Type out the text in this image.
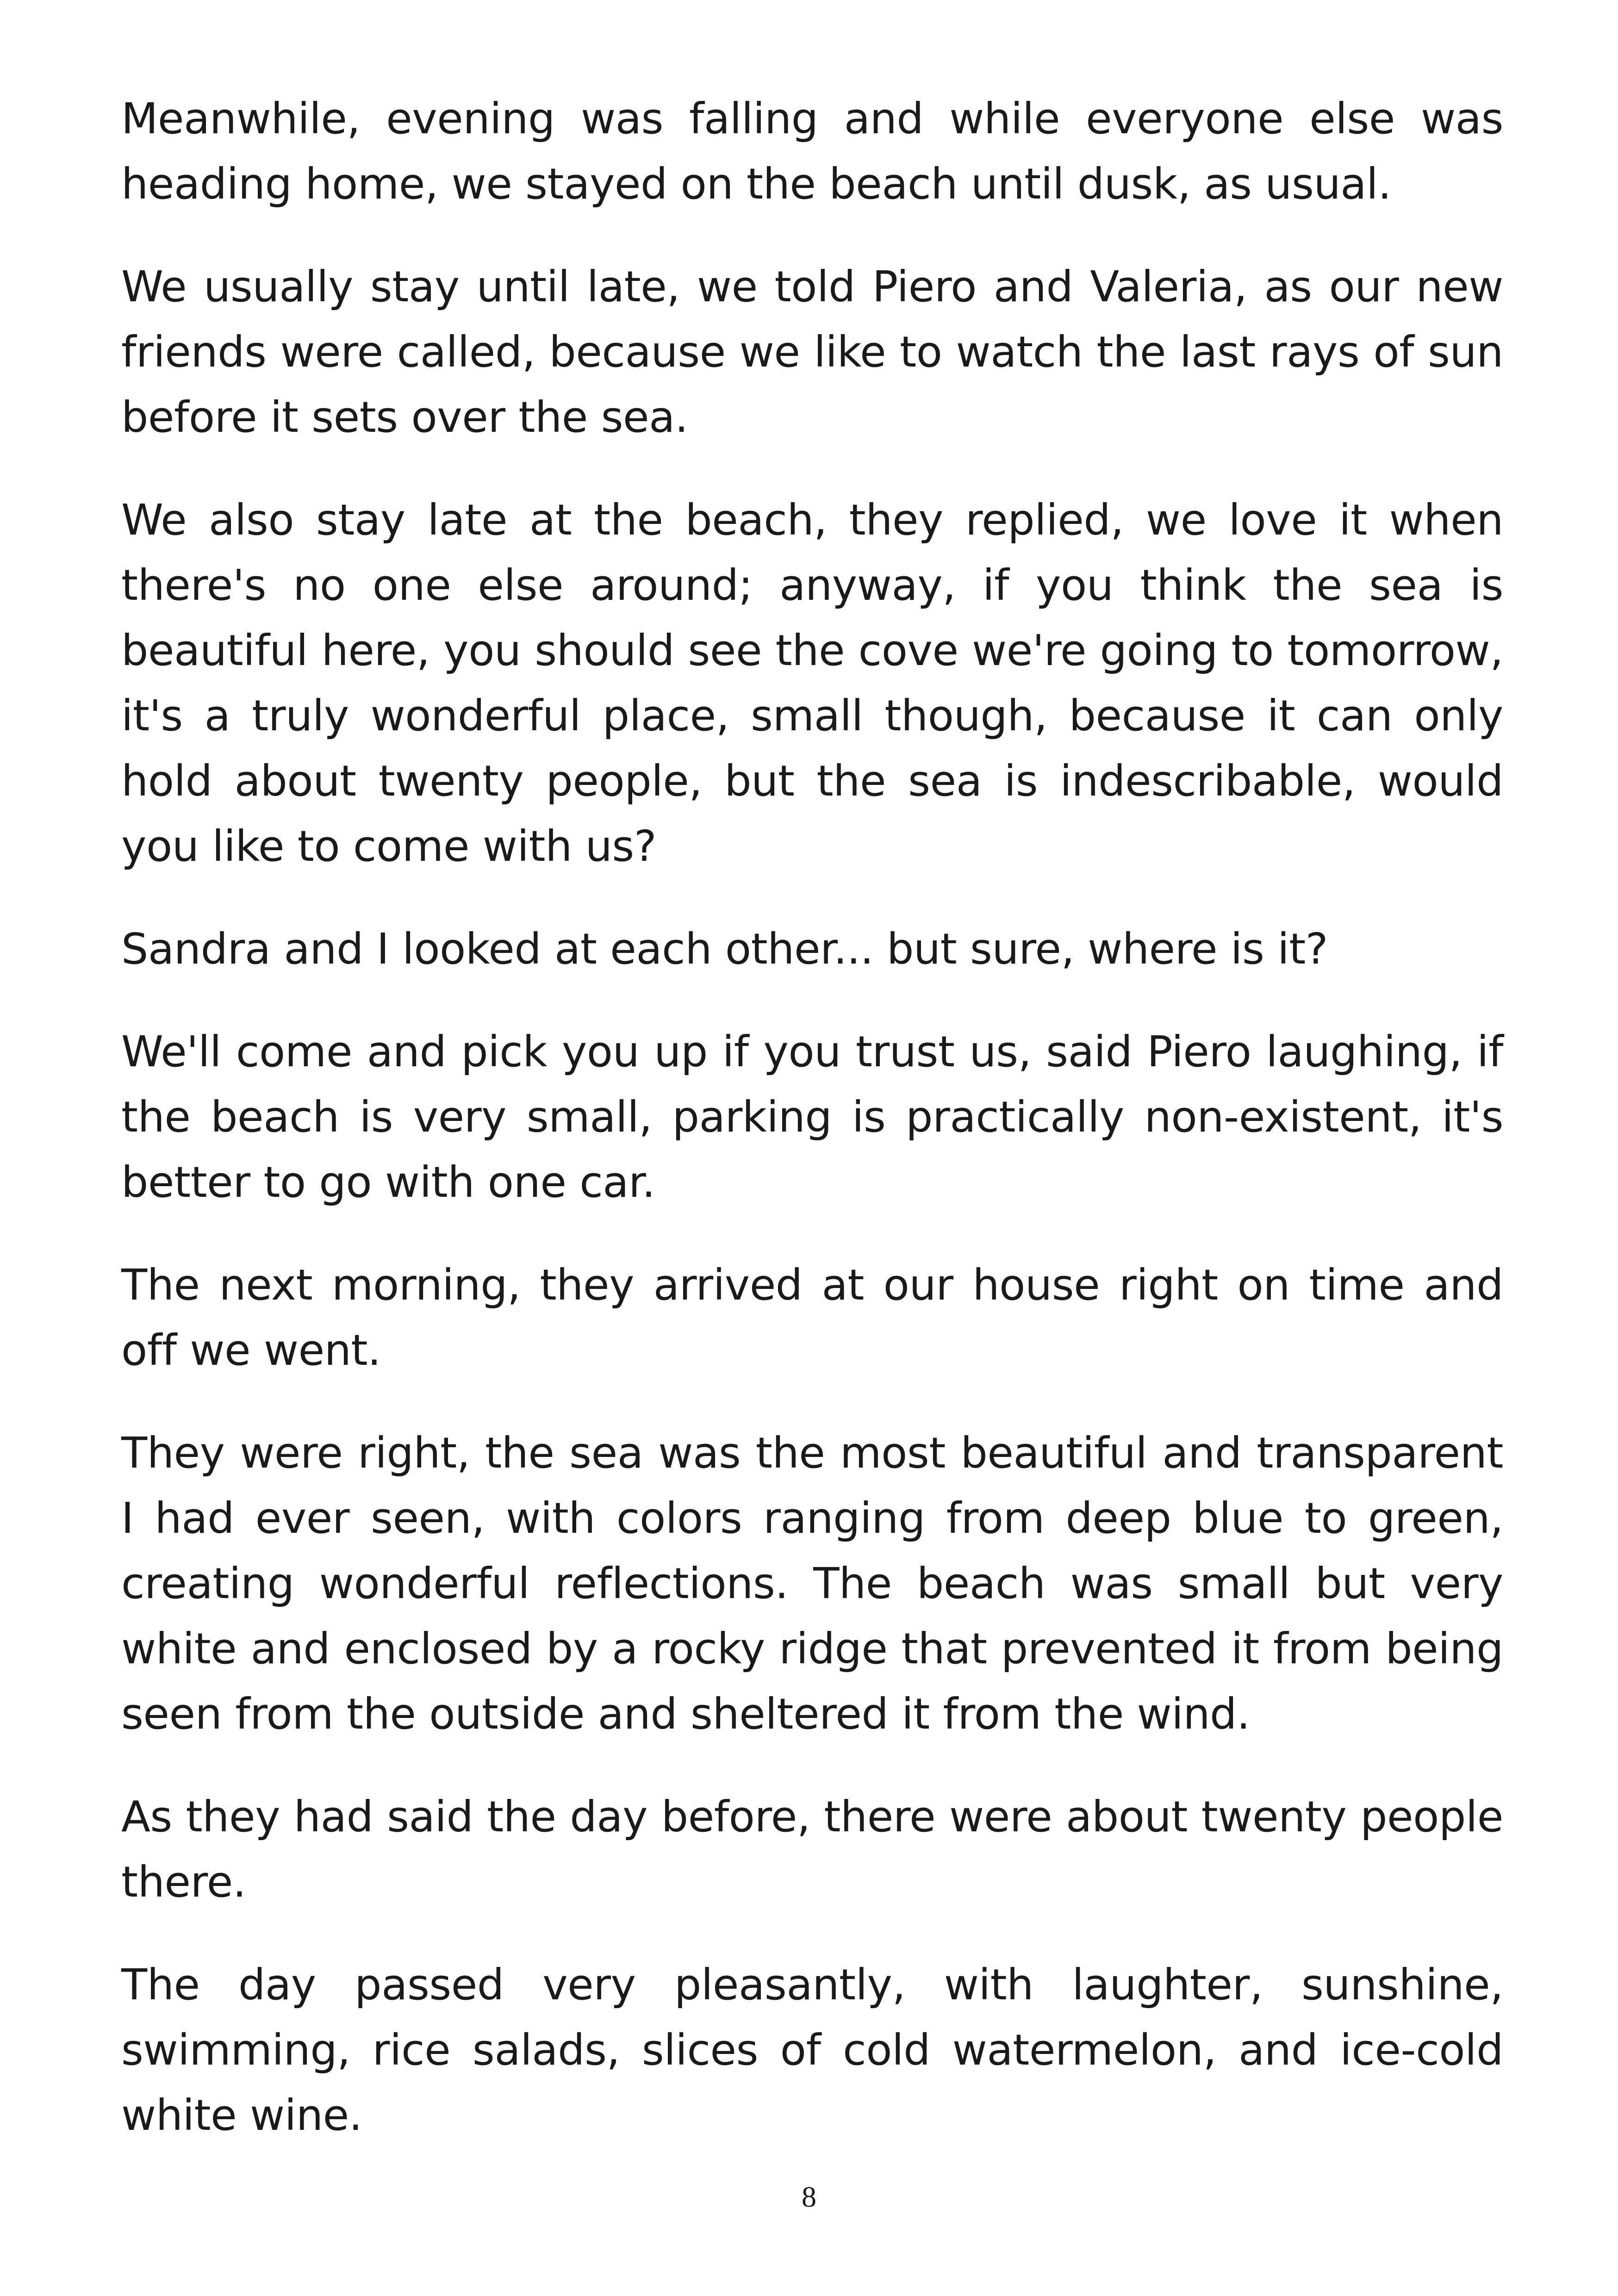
Meanwhile, evening was falling and while everyone else was heading home, we stayed on the beach until dusk, as usual.

We usually stay until late, we told Piero and Valeria, as our new friends were called, because we like to watch the last rays of sun before it sets over the sea.

We also stay late at the beach, they replied, we love it when there's no one else around; anyway, if you think the sea is beautiful here, you should see the cove we're going to tomorrow, it's a truly wonderful place, small though, because it can only hold about twenty people, but the sea is indescribable, would you like to come with us?

Sandra and I looked at each other... but sure, where is it?

We'll come and pick you up if you trust us, said Piero laughing, if the beach is very small, parking is practically non-existent, it's better to go with one car.

The next morning, they arrived at our house right on time and off we went.

They were right, the sea was the most beautiful and transparent I had ever seen, with colors ranging from deep blue to green, creating wonderful reflections. The beach was small but very white and enclosed by a rocky ridge that prevented it from being seen from the outside and sheltered it from the wind.

As they had said the day before, there were about twenty people there.

The day passed very pleasantly, with laughter, sunshine, swimming, rice salads, slices of cold watermelon, and ice-cold white wine.

8
